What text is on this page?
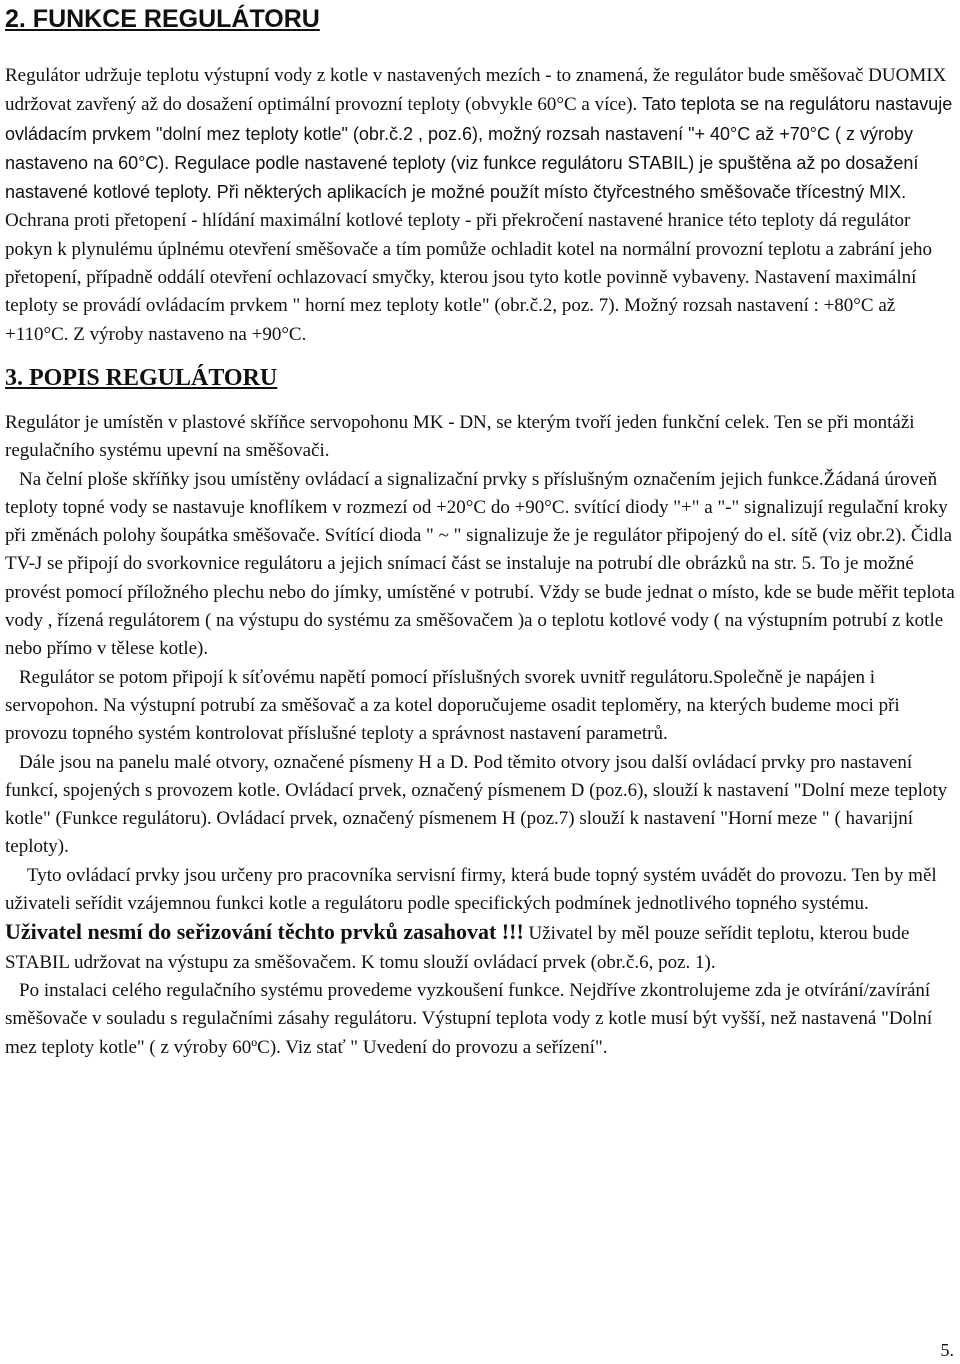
2. FUNKCE REGULÁTORU

Regulátor udržuje teplotu výstupní vody z kotle v nastavených mezích - to znamená, že regulátor bude směšovač DUOMIX udržovat zavřený až do dosažení optimální provozní teploty (obvykle 60°C a více). Tato teplota se na regulátoru nastavuje ovládacím prvkem "dolní mez teploty kotle" (obr.č.2 , poz.6), možný rozsah nastavení "+ 40°C až +70°C ( z výroby nastaveno na 60°C). Regulace podle nastavené teploty (viz funkce regulátoru STABIL) je spuštěna až po dosažení nastavené kotlové teploty. Při některých aplikacích je možné použít místo čtyřcestného směšovače třícestný MIX.

Ochrana proti přetopení - hlídání maximální kotlové teploty - při překročení nastavené hranice této teploty dá regulátor pokyn k plynulému úplnému otevření směšovače a tím pomůže ochladit kotel na normální provozní teplotu a zabrání jeho přetopení, případně oddálí otevření ochlazovací smyčky, kterou jsou tyto kotle povinně vybaveny. Nastavení maximální teploty se provádí ovládacím prvkem " horní mez teploty kotle" (obr.č.2, poz. 7). Možný rozsah nastavení : +80°C až +110°C. Z výroby nastaveno na +90°C.

3. POPIS REGULÁTORU

Regulátor je umístěn v plastové skříňce servopohonu MK - DN, se kterým tvoří jeden funkční celek. Ten se při montáži regulačního systému upevní na směšovači.

Na čelní ploše skříňky jsou umístěny ovládací a signalizační prvky s příslušným označením jejich funkce.Žádaná úroveň teploty topné vody se nastavuje knoflíkem v rozmezí od +20°C do +90°C. svítící diody "+" a "-" signalizují regulační kroky při změnách polohy šoupátka směšovače. Svítící dioda " ~ " signalizuje že je regulátor připojený do el. sítě (viz obr.2). Čidla TV-J se připojí do svorkovnice regulátoru a jejich snímací část se instaluje na potrubí dle obrázků na str. 5. To je možné provést pomocí příložného plechu nebo do jímky, umístěné v potrubí. Vždy se bude jednat o místo, kde se bude měřit teplota vody , řízená regulátorem ( na výstupu do systému za směšovačem )a o teplotu kotlové vody ( na výstupním potrubí z kotle nebo přímo v tělese kotle).

Regulátor se potom připojí k síťovému napětí pomocí příslušných svorek uvnitř regulátoru.Společně je napájen i servopohon. Na výstupní potrubí za směšovač a za kotel doporučujeme osadit teploměry, na kterých budeme moci při provozu topného systém kontrolovat příslušné teploty a správnost nastavení parametrů.

Dále jsou na panelu malé otvory, označené písmeny H a D. Pod těmito otvory jsou další ovládací prvky pro nastavení funkcí, spojených s provozem kotle. Ovládací prvek, označený písmenem D (poz.6), slouží k nastavení "Dolní meze teploty kotle" (Funkce regulátoru). Ovládací prvek, označený písmenem H (poz.7) slouží k nastavení "Horní meze " ( havarijní teploty).

Tyto ovládací prvky jsou určeny pro pracovníka servisní firmy, která bude topný systém uvádět do provozu. Ten by měl uživateli seřídit vzájemnou funkci kotle a regulátoru podle specifických podmínek jednotlivého topného systému.

Uživatel nesmí do seřizování těchto prvků zasahovat !!! Uživatel by měl pouze seřídit teplotu, kterou bude STABIL udržovat na výstupu za směšovačem. K tomu slouží ovládací prvek (obr.č.6, poz. 1).

Po instalaci celého regulačního systému provedeme vyzkoušení funkce. Nejdříve zkontrolujeme zda je otvírání/zavírání směšovače v souladu s regulačními zásahy regulátoru. Výstupní teplota vody z kotle musí být vyšší, než nastavená "Dolní mez teploty kotle" ( z výroby 60ºC). Viz stať " Uvedení do provozu a seřízení".

5.
